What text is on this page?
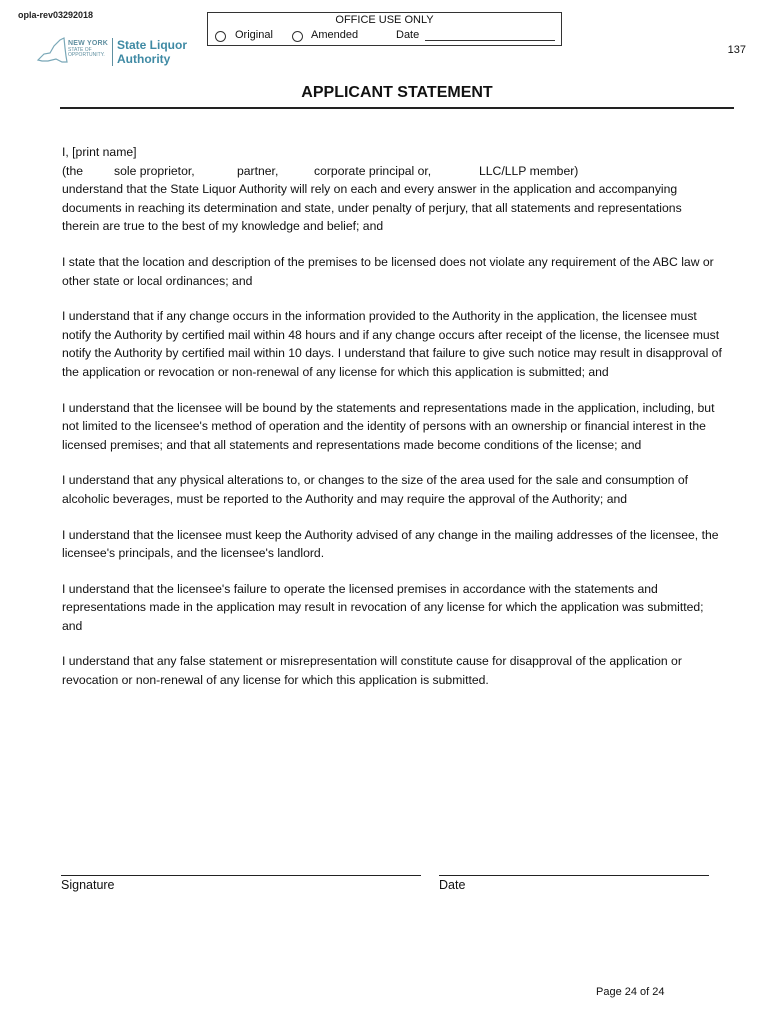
opla-rev03292018
NEW YORK
STATE OF OPPORTUNITY.
State Liquor
Authority
OFFICE USE ONLY
Original	Amended	Date
137
APPLICANT STATEMENT

I, [print name]

(the	sole proprietor,	partner,	corporate principal or,	LLC/LLP member)

understand that the State Liquor Authority will rely on each and every answer in the application and accompanying documents in reaching its determination and state, under penalty of perjury, that all statements and representations therein are true to the best of my knowledge and belief; and

I state that the location and description of the premises to be licensed does not violate any requirement of the ABC law or other state or local ordinances; and

I understand that if any change occurs in the information provided to the Authority in the application, the licensee must notify the Authority by certified mail within 48 hours and if any change occurs after receipt of the license, the licensee must notify the Authority by certified mail within 10 days. I understand that failure to give such notice may result in disapproval of the application or revocation or non-renewal of any license for which this application is submitted; and

I understand that the licensee will be bound by the statements and representations made in the application, including, but not limited to the licensee's method of operation and the identity of persons with an ownership or financial interest in the licensed premises; and that all statements and representations made become conditions of the license; and

I understand that any physical alterations to, or changes to the size of the area used for the sale and consumption of alcoholic beverages, must be reported to the Authority and may require the approval of the Authority; and

I understand that the licensee must keep the Authority advised of any change in the mailing addresses of the licensee, the licensee's principals, and the licensee's landlord.

I understand that the licensee's failure to operate the licensed premises in accordance with the statements and representations made in the application may result in revocation of any license for which the application was submitted; and

I understand that any false statement or misrepresentation will constitute cause for disapproval of the application or revocation or non-renewal of any license for which this application is submitted.

Signature	Date
Page 24 of 24
